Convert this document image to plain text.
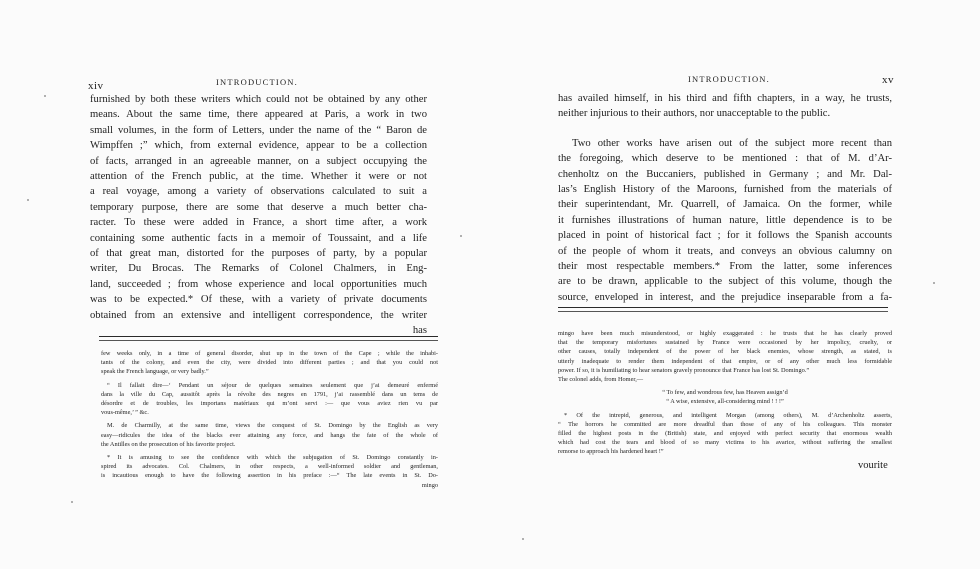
xiv	INTRODUCTION.
furnished by both these writers which could not be obtained by any other
means. About the same time, there appeared at Paris, a work in two
small volumes, in the form of Letters, under the name of the “ Baron de
Wimpffen ;” which, from external evidence, appear to be a collection
of facts, arranged in an agreeable manner, on a subject occupying the
attention of the French public, at the time. Whether it were or not
a real voyage, among a variety of observations calculated to suit a
temporary purpose, there are some that deserve a much better cha-
racter. To these were added in France, a short time after, a work
containing some authentic facts in a memoir of Toussaint, and a life
of that great man, distorted for the purposes of party, by a popular
writer, Du Brocas. The Remarks of Colonel Chalmers, in Eng-
land, succeeded ; from whose experience and local opportunities much
was to be expected.* Of these, with a variety of private documents
obtained from an extensive and intelligent correspondence, the writer
has
few weeks only, in a time of general disorder, shut up in the town of the Cape ; while the inhabi-
tants of the colony, and even the city, were divided into different parties ; and that you could not
speak the French language, or very badly.”
“ Il fallait dire—‘ Pendant un séjour de quelques semaines seulement que j’ai demeuré enfermé
dans la ville du Cap, aussitôt après la révolte des negres en 1791, j’ai rassemblé dans un tems de
désordre et de troubles, les importans matériaux qui m’ont servi :— que vous aviez rien vu par
vous-même,’ ” &c.
M. de Charmilly, at the same time, views the conquest of St. Domingo by the English as very
easy—ridicules the idea of the blacks ever attaining any force, and hangs the fate of the whole of
the Antilles on the prosecution of his favorite project.
* It is amusing to see the confidence with which the subjugation of St. Domingo constantly in-
spired its advocates. Col. Chalmers, in other respects, a well-informed soldier and gentleman,
is incautious enough to have the following assertion in his preface :—“ The late events in St. Do-
mingo
INTRODUCTION.	xv
has availed himself, in his third and fifth chapters, in a way, he trusts,
neither injurious to their authors, nor unacceptable to the public.
Two other works have arisen out of the subject more recent than
the foregoing, which deserve to be mentioned : that of M. d’Ar-
chenholtz on the Buccaniers, published in Germany ; and Mr. Dal-
las’s English History of the Maroons, furnished from the materials of
their superintendant, Mr. Quarrell, of Jamaica. On the former, while
it furnishes illustrations of human nature, little dependence is to be
placed in point of historical fact ; for it follows the Spanish accounts
of the people of whom it treats, and conveys an obvious calumny on
their most respectable members.* From the latter, some inferences
are to be drawn, applicable to the subject of this volume, though the
source, enveloped in interest, and the prejudice inseparable from a fa-
mingo have been much misunderstood, or highly exaggerated : he trusts that he has clearly proved
that the temporary misfortunes sustained by France were occasioned by her impolicy, cruelty, or
other causes, totally independent of the power of her black enemies, whose strength, as stated, is
utterly inadequate to render them independent of that empire, or of any other much less formidable
power. If so, it is humiliating to hear senators gravely pronounce that France has lost St. Domingo.”
The colonel adds, from Homer,—
“ To few, and wondrous few, has Heaven assign’d
“ A wise, extensive, all-considering mind ! ! !”
* Of the intrepid, generous, and intelligent Morgan (among others), M. d’Archenholtz asserts,
“ The horrors he committed are more dreadful than those of any of his colleagues. This monster
filled the highest posts in the (British) state, and enjoyed with perfect security that enormous wealth
which had cost the tears and blood of so many victims to his avarice, without suffering the smallest
remorse to approach his hardened heart !”
vourite
